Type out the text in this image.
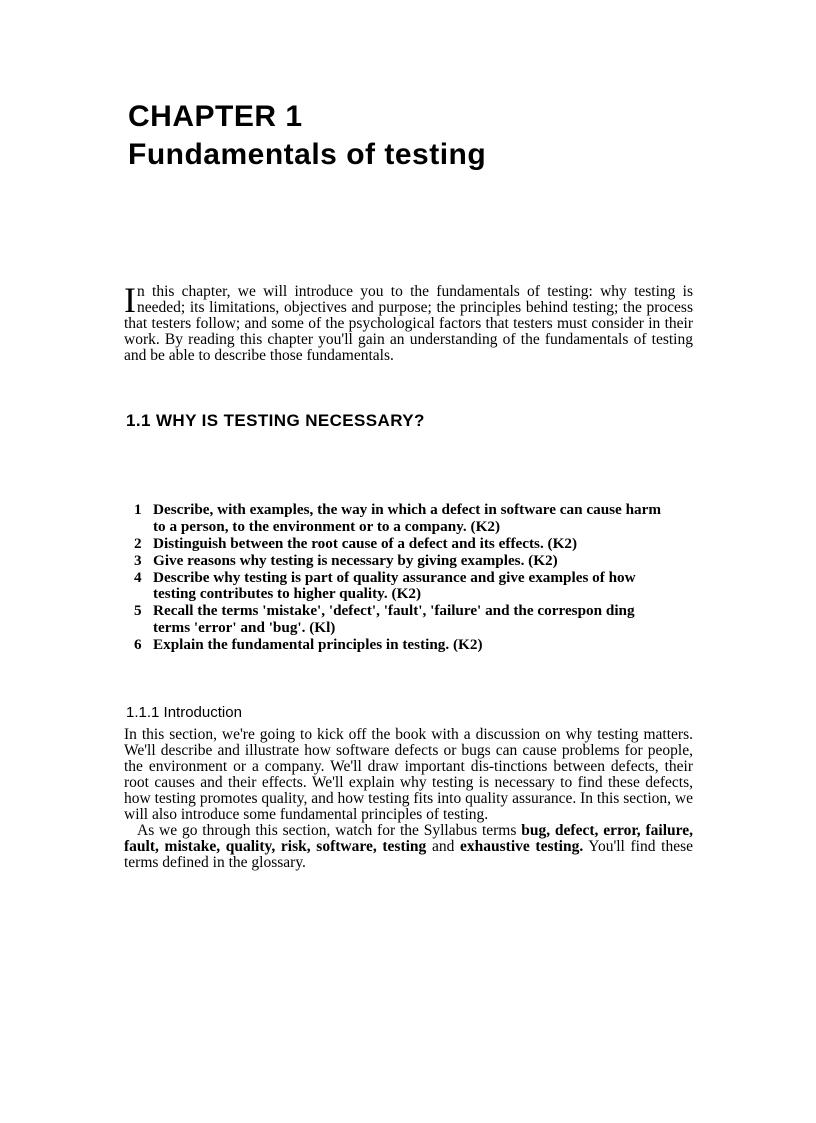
CHAPTER 1
Fundamentals of testing

In this chapter, we will introduce you to the fundamentals of testing: why testing is needed; its limitations, objectives and purpose; the principles behind testing; the process that testers follow; and some of the psychological factors that testers must consider in their work. By reading this chapter you'll gain an understanding of the fundamentals of testing and be able to describe those fundamentals.

1.1 WHY IS TESTING NECESSARY?
1 Describe, with examples, the way in which a defect in software can cause harm to a person, to the environment or to a company. (K2)
2 Distinguish between the root cause of a defect and its effects. (K2)
3 Give reasons why testing is necessary by giving examples. (K2)
4 Describe why testing is part of quality assurance and give examples of how testing contributes to higher quality. (K2)
5 Recall the terms 'mistake', 'defect', 'fault', 'failure' and the correspon ding terms 'error' and 'bug'. (Kl)
6 Explain the fundamental principles in testing. (K2)
1.1.1 Introduction

In this section, we're going to kick off the book with a discussion on why testing matters. We'll describe and illustrate how software defects or bugs can cause problems for people, the environment or a company. We'll draw important dis-tinctions between defects, their root causes and their effects. We'll explain why testing is necessary to find these defects, how testing promotes quality, and how testing fits into quality assurance. In this section, we will also introduce some fundamental principles of testing.

As we go through this section, watch for the Syllabus terms bug, defect, error, failure, fault, mistake, quality, risk, software, testing and exhaustive testing. You'll find these terms defined in the glossary.
